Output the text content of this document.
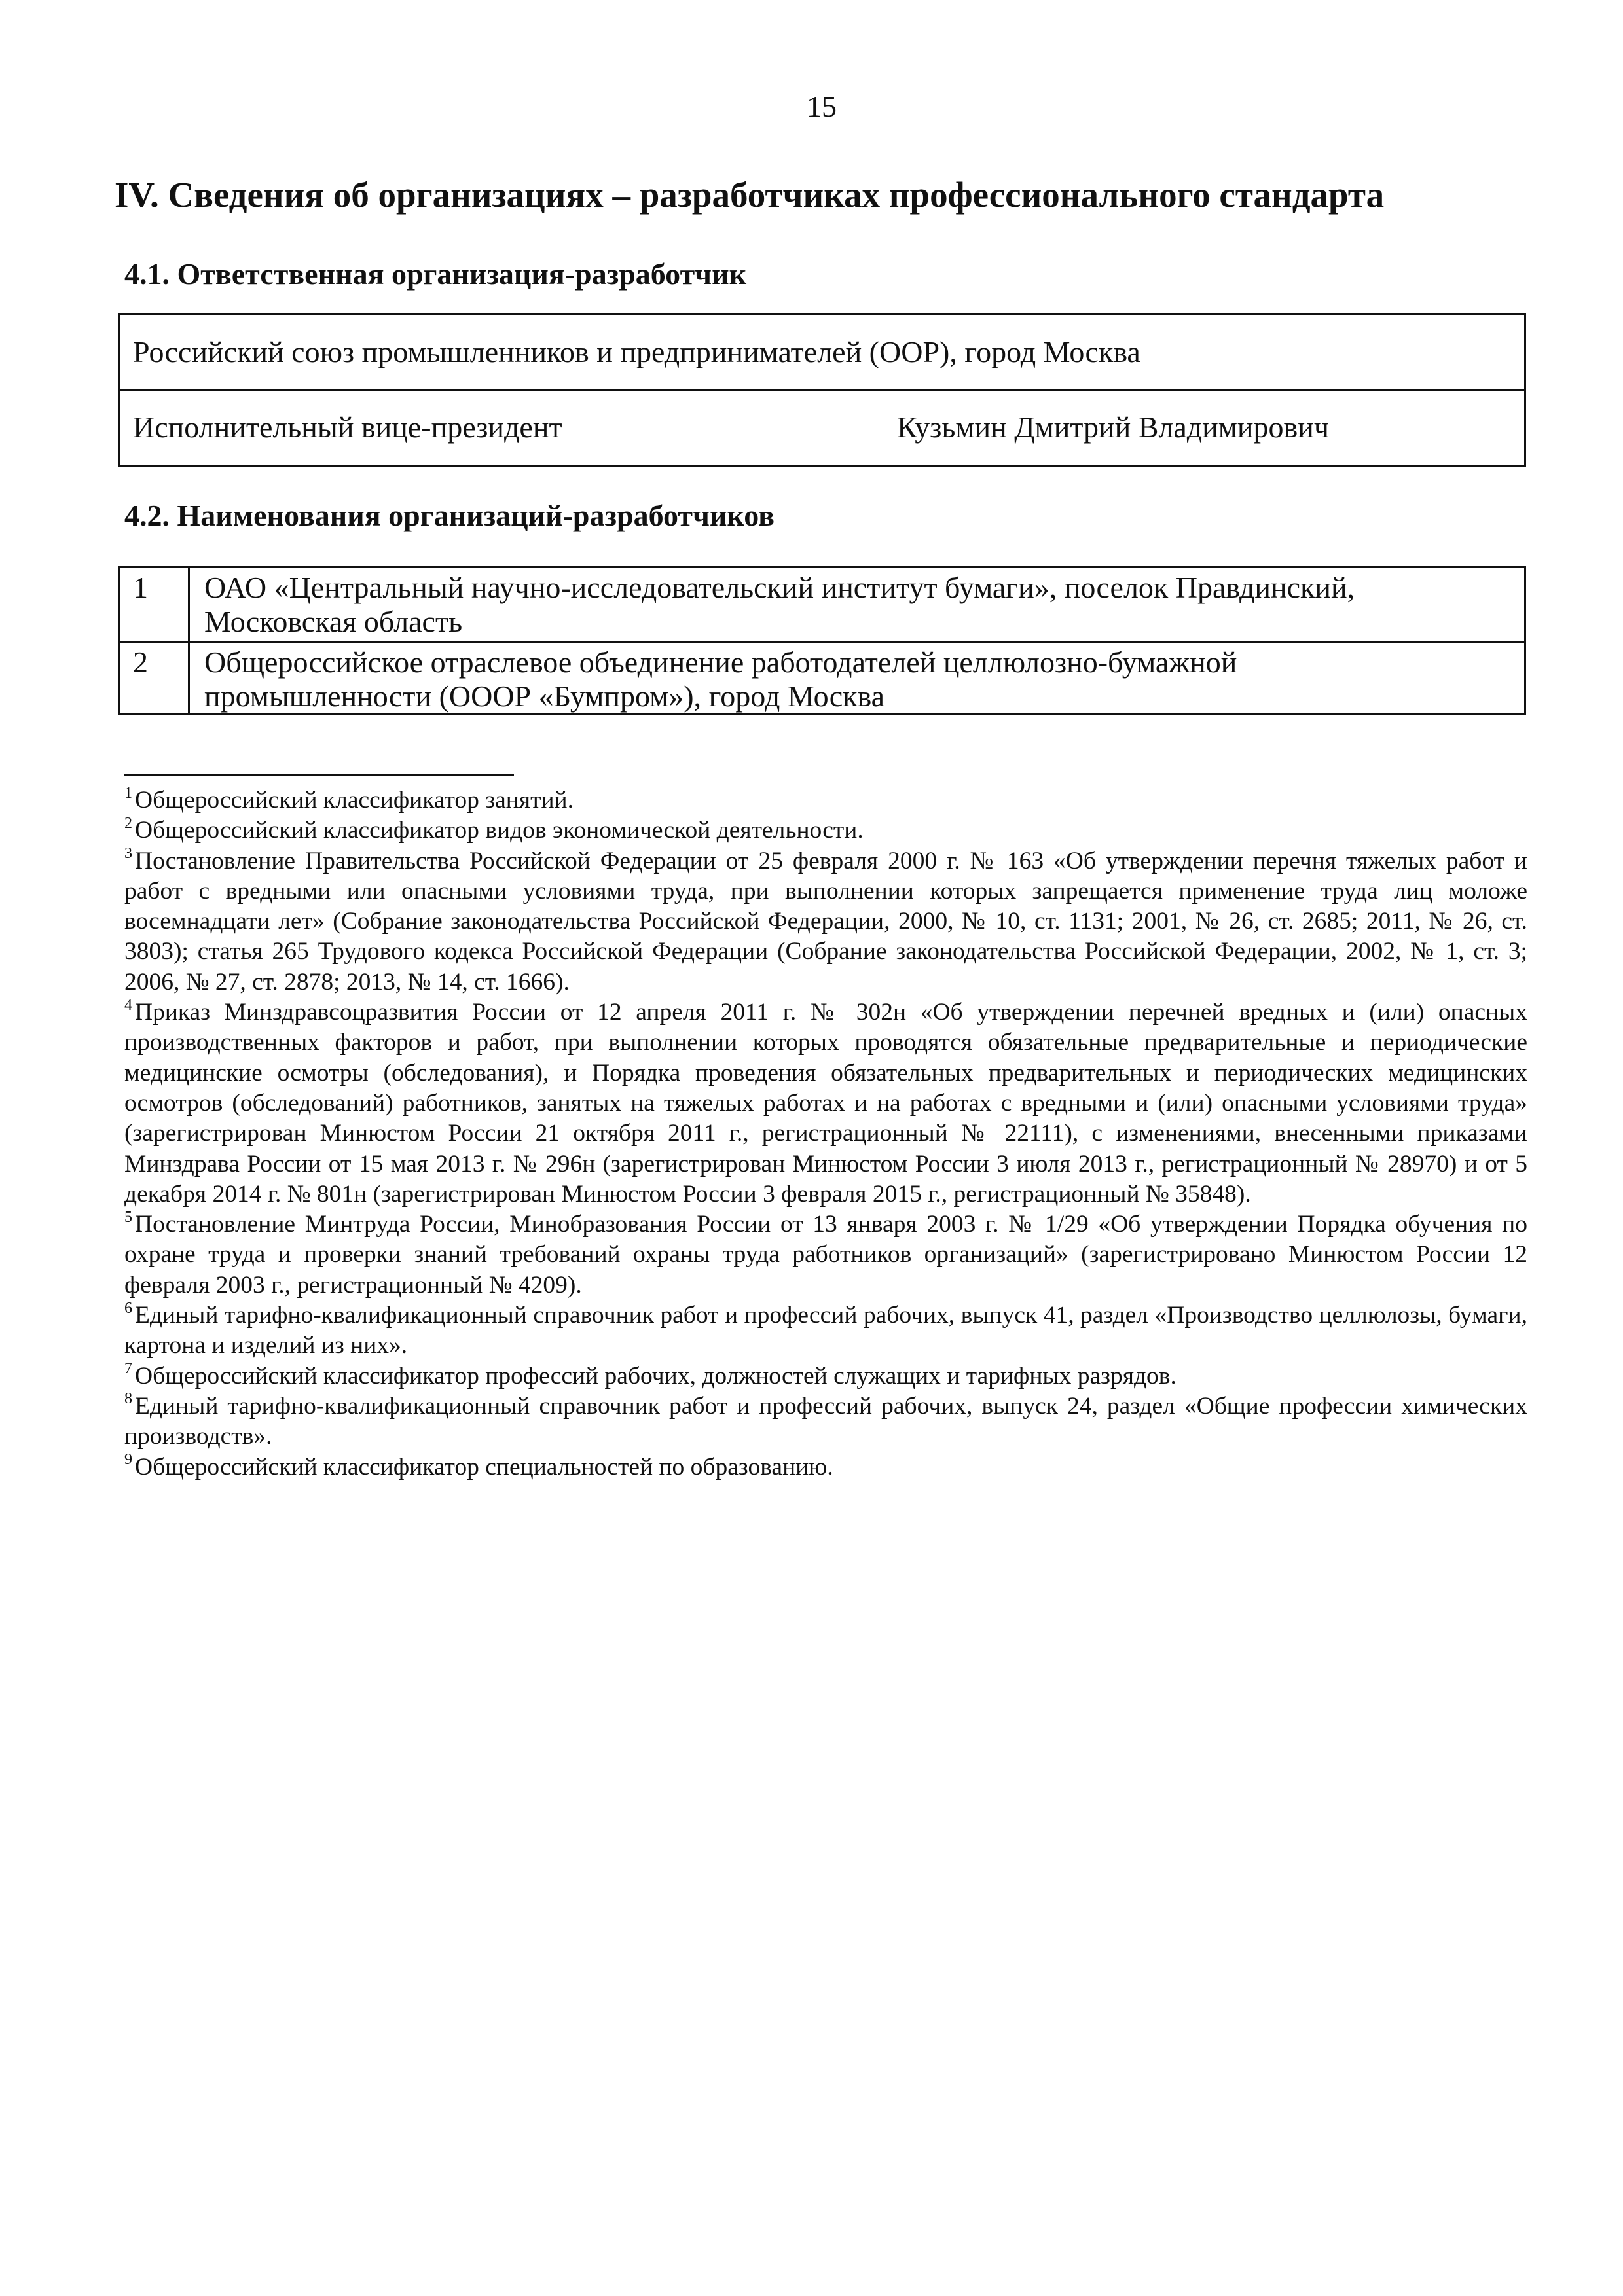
15
IV. Сведения об организациях – разработчиках профессионального стандарта
4.1. Ответственная организация-разработчик
Российский союз промышленников и предпринимателей (ООР), город Москва
Исполнительный вице-президент	Кузьмин Дмитрий Владимирович
4.2. Наименования организаций-разработчиков
1	ОАО «Центральный научно-исследовательский институт бумаги», поселок Правдинский,
Московская область
2	Общероссийское отраслевое объединение работодателей целлюлозно-бумажной
промышленности (ОООР «Бумпром»), город Москва

$^1$ Общероссийский классификатор занятий.

$^2$ Общероссийский классификатор видов экономической деятельности.

$^3$ Постановление Правительства Российской Федерации от 25 февраля 2000 г. № 163 «Об утверждении перечня тяжелых работ и работ с вредными или опасными условиями труда, при выполнении которых запрещается применение труда лиц моложе восемнадцати лет» (Собрание законодательства Российской Федерации, 2000, № 10, ст. 1131; 2001, № 26, ст. 2685; 2011, № 26, ст. 3803); статья 265 Трудового кодекса Российской Федерации (Собрание законодательства Российской Федерации, 2002, № 1, ст. 3; 2006, № 27, ст. 2878; 2013, № 14, ст. 1666).

$^4$ Приказ Минздравсоцразвития России от 12 апреля 2011 г. № 302н «Об утверждении перечней вредных и (или) опасных производственных факторов и работ, при выполнении которых проводятся обязательные предварительные и периодические медицинские осмотры (обследования), и Порядка проведения обязательных предварительных и периодических медицинских осмотров (обследований) работников, занятых на тяжелых работах и на работах с вредными и (или) опасными условиями труда» (зарегистрирован Минюстом России 21 октября 2011 г., регистрационный № 22111), с изменениями, внесенными приказами Минздрава России от 15 мая 2013 г. № 296н (зарегистрирован Минюстом России 3 июля 2013 г., регистрационный № 28970) и от 5 декабря 2014 г. № 801н (зарегистрирован Минюстом России 3 февраля 2015 г., регистрационный № 35848).

$^5$ Постановление Минтруда России, Минобразования России от 13 января 2003 г. № 1/29 «Об утверждении Порядка обучения по охране труда и проверки знаний требований охраны труда работников организаций» (зарегистрировано Минюстом России 12 февраля 2003 г., регистрационный № 4209).

$^6$ Единый тарифно-квалификационный справочник работ и профессий рабочих, выпуск 41, раздел «Производство целлюлозы, бумаги, картона и изделий из них».

$^7$ Общероссийский классификатор профессий рабочих, должностей служащих и тарифных разрядов.

$^8$ Единый тарифно-квалификационный справочник работ и профессий рабочих, выпуск 24, раздел «Общие профессии химических производств».

$^9$ Общероссийский классификатор специальностей по образованию.
